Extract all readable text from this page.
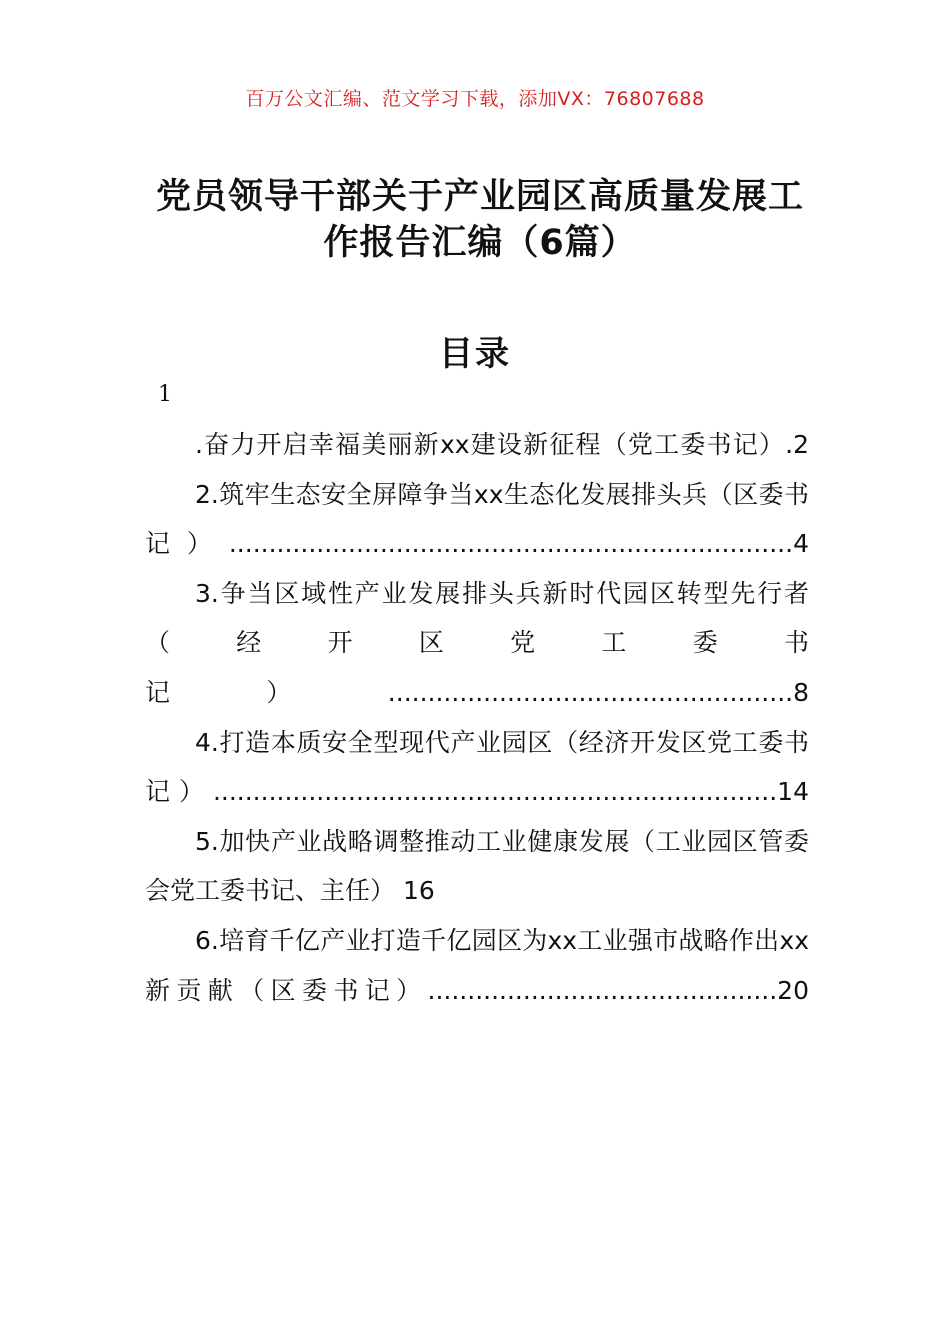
百万公文汇编、范文学习下载，添加VX：76807688
党员领导干部关于产业园区高质量发展工作报告汇编（6篇）
目录
1
.奋力开启幸福美丽新xx建设新征程（党工委书记）.2
2.筑牢生态安全屏障争当xx生态化发展排头兵（区委书记）.......................................................................4
3.争当区域性产业发展排头兵新时代园区转型先行者（经开区党工委书记）...................................................8
4.打造本质安全型现代产业园区（经济开发区党工委书记）.......................................................................14
5.加快产业战略调整推动工业健康发展（工业园区管委会党工委书记、主任） 16
6.培育千亿产业打造千亿园区为xx工业强市战略作出xx新贡献（区委书记）............................................20
